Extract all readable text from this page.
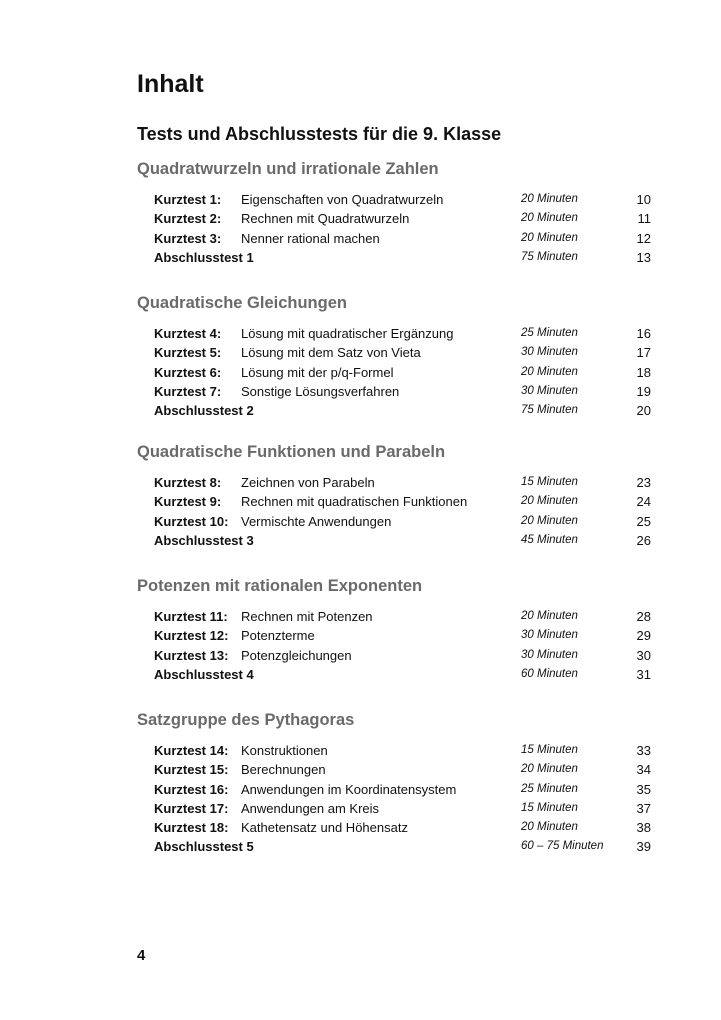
Inhalt
Tests und Abschlusstests für die 9. Klasse
Quadratwurzeln und irrationale Zahlen
Kurztest 1: Eigenschaften von Quadratwurzeln	20 Minuten	10
Kurztest 2: Rechnen mit Quadratwurzeln	20 Minuten	11
Kurztest 3: Nenner rational machen	20 Minuten	12
Abschlusstest 1	75 Minuten	13
Quadratische Gleichungen
Kurztest 4: Lösung mit quadratischer Ergänzung	25 Minuten	16
Kurztest 5: Lösung mit dem Satz von Vieta	30 Minuten	17
Kurztest 6: Lösung mit der p/q-Formel	20 Minuten	18
Kurztest 7: Sonstige Lösungsverfahren	30 Minuten	19
Abschlusstest 2	75 Minuten	20
Quadratische Funktionen und Parabeln
Kurztest 8: Zeichnen von Parabeln	15 Minuten	23
Kurztest 9: Rechnen mit quadratischen Funktionen	20 Minuten	24
Kurztest 10: Vermischte Anwendungen	20 Minuten	25
Abschlusstest 3	45 Minuten	26
Potenzen mit rationalen Exponenten
Kurztest 11: Rechnen mit Potenzen	20 Minuten	28
Kurztest 12: Potenzterme	30 Minuten	29
Kurztest 13: Potenzgleichungen	30 Minuten	30
Abschlusstest 4	60 Minuten	31
Satzgruppe des Pythagoras
Kurztest 14: Konstruktionen	15 Minuten	33
Kurztest 15: Berechnungen	20 Minuten	34
Kurztest 16: Anwendungen im Koordinatensystem	25 Minuten	35
Kurztest 17: Anwendungen am Kreis	15 Minuten	37
Kurztest 18: Kathetensatz und Höhensatz	20 Minuten	38
Abschlusstest 5	60 – 75 Minuten	39
4
